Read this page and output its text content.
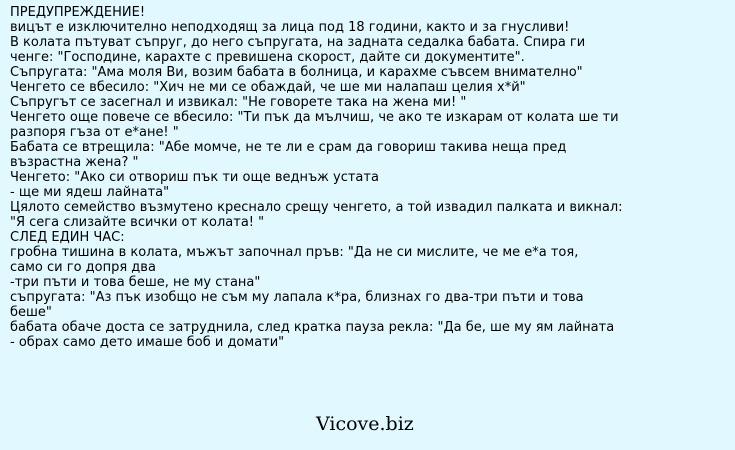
ПРЕДУПРЕЖДЕНИЕ!
вицът е изключително неподходящ за лица под 18 години, както и за гнусливи!
В колата пътуват съпруг, до него съпругата, на задната седалка бабата. Спира ги
ченге: "Господине, карахте с превишена скорост, дайте си документите".
Съпругата: "Ама моля Ви, возим бабата в болница, и карахме съвсем внимателно"
Ченгето се вбесило: "Хич не ми се обаждай, че ше ми налапаш целия х*й"
Съпругът се засегнал и извикал: "Не говорете така на жена ми! "
Ченгето още повече се вбесило: "Ти пък да мълчиш, че ако те изкарам от колата ше ти
разпоря гъза от е*ане! "
Бабата се втрещила: "Абе момче, не те ли е срам да говориш такива неща пред
възрастна жена? "
Ченгето: "Ако си отвориш пък ти още веднъж устата
- ще ми ядеш лайната"
Цялото семейство възмутено креснало срещу ченгето, а той извадил палката и викнал:
"Я сега слизайте всички от колата! "
СЛЕД ЕДИН ЧАС:
гробна тишина в колата, мъжът започнал пръв: "Да не си мислите, че ме е*а тоя,
само си го допря два
-три пъти и това беше, не му стана"
съпругата: "Аз пък изобщо не съм му лапала к*ра, близнах го два-три пъти и това
беше"
бабата обаче доста се затруднила, след кратка пауза рекла: "Да бе, ше му ям лайната
- обрах само дето имаше боб и домати"
Vicove.biz
